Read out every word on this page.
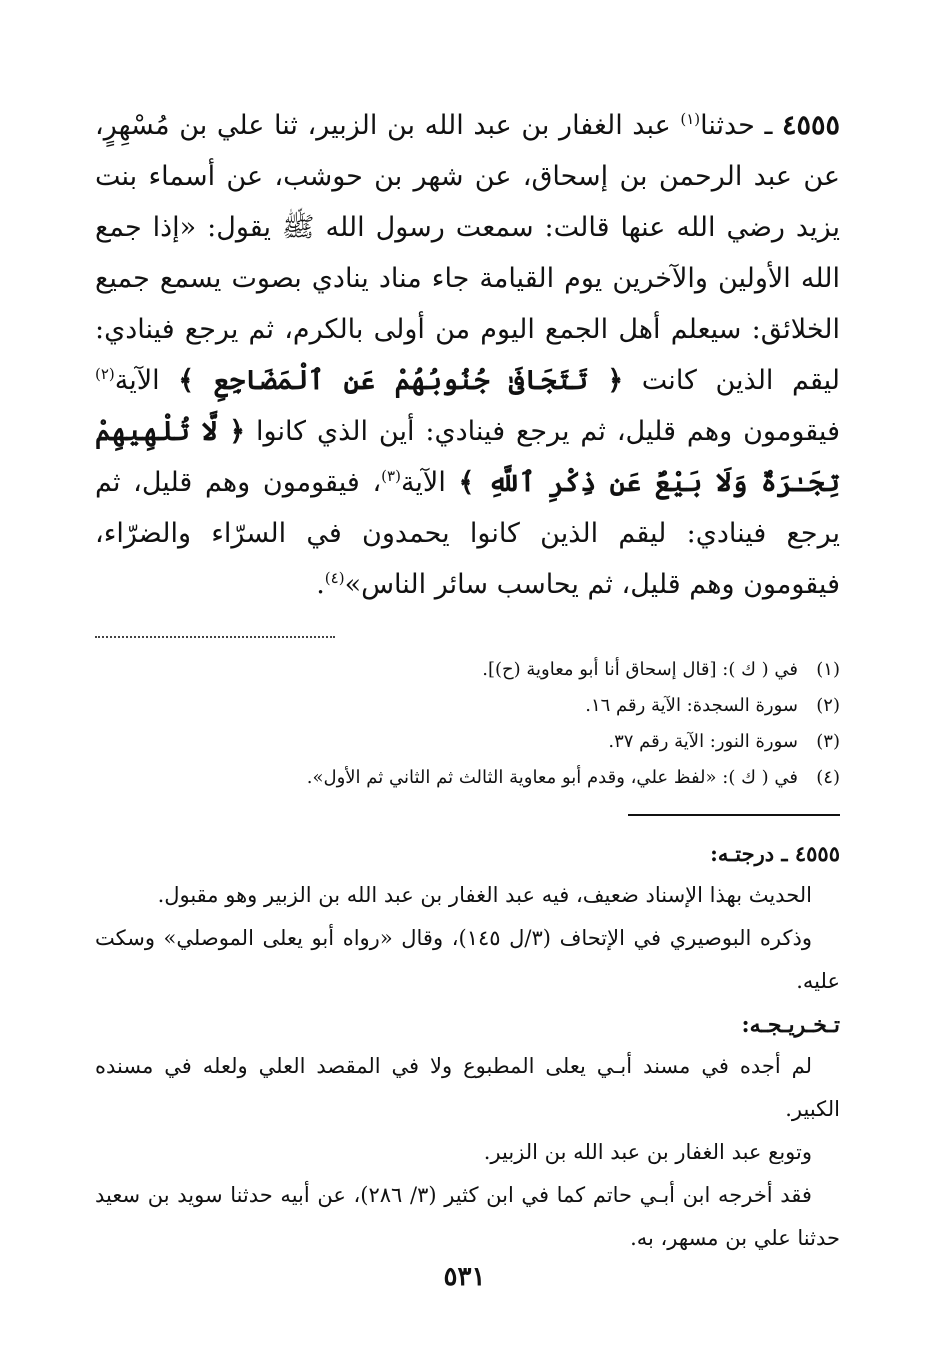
٤٥٥٥ ـ حدثنا$^{(١)}$ عبد الغفار بن عبد الله بن الزبير، ثنا علي بن مُسْهِرٍ، عن عبد الرحمن بن إسحاق، عن شهر بن حوشب، عن أسماء بنت يزيد رضي الله عنها قالت: سمعت رسول الله ﷺ يقول: «إذا جمع الله الأولين والآخرين يوم القيامة جاء مناد ينادي بصوت يسمع جميع الخلائق: سيعلم أهل الجمع اليوم من أولى بالكرم، ثم يرجع فينادي: ليقم الذين كانت ﴿ تَتَجَافَىٰ جُنُوبُهُمْ عَنِ ٱلْمَضَاجِعِ ﴾ الآية$^{(٢)}$ فيقومون وهم قليل، ثم يرجع فينادي: أين الذي كانوا ﴿ لَّا تُلْهِيهِمْ تِجَـٰرَةٌ وَلَا بَيْعٌ عَن ذِكْرِ ٱللَّهِ ﴾ الآية$^{(٣)}$، فيقومون وهم قليل، ثم يرجع فينادي: ليقم الذين كانوا يحمدون في السرّاء والضرّاء، فيقومون وهم قليل، ثم يحاسب سائر الناس»$^{(٤)}$.

(١)
في ( ك ): [قال إسحاق أنا أبو معاوية (ح)].
(٢)
سورة السجدة: الآية رقم ١٦.
(٣)
سورة النور: الآية رقم ٣٧.
(٤)
في ( ك ): «لفظ علي، وقدم أبو معاوية الثالث ثم الثاني ثم الأول».
٤٥٥٥ ـ درجتـه:
الحديث بهذا الإسناد ضعيف، فيه عبد الغفار بن عبد الله بن الزبير وهو مقبول.
وذكره البوصيري في الإتحاف (٣/ل ١٤٥)، وقال «رواه أبو يعلى الموصلي» وسكت عليه.
تـخـريـجـه:
لم أجده في مسند أبـي يعلى المطبوع ولا في المقصد العلي ولعله في مسنده الكبير.
وتوبع عبد الغفار بن عبد الله بن الزبير.
فقد أخرجه ابن أبـي حاتم كما في ابن كثير (٣/ ٢٨٦)، عن أبيه حدثنا سويد بن سعيد حدثنا علي بن مسهر، به.
٥٣١
